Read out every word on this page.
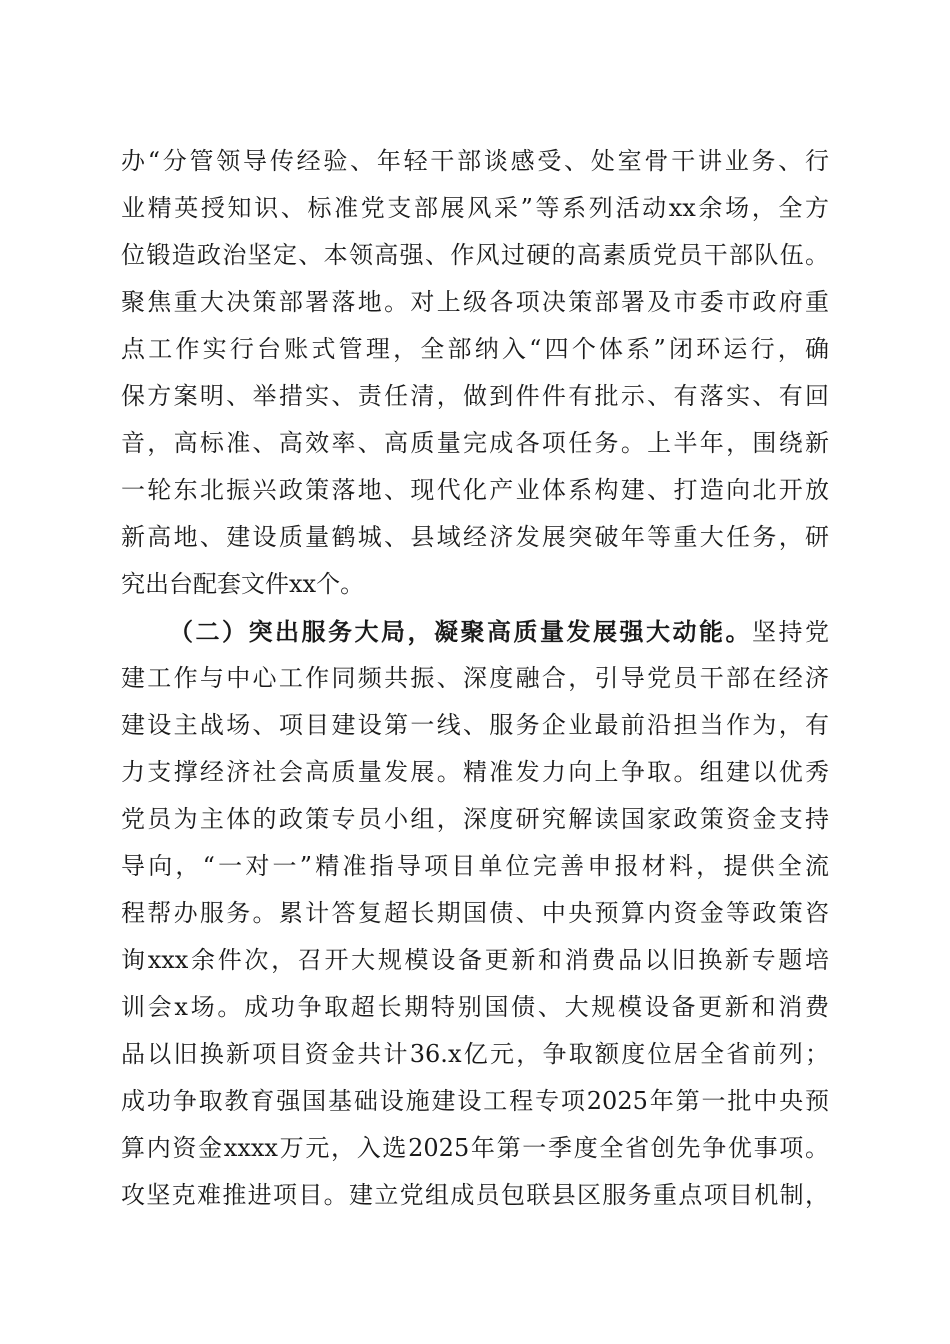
办“分管领导传经验、年轻干部谈感受、处室骨干讲业务、行
业精英授知识、标准党支部展风采”等系列活动xx余场，全方
位锻造政治坚定、本领高强、作风过硬的高素质党员干部队伍。
聚焦重大决策部署落地。对上级各项决策部署及市委市政府重
点工作实行台账式管理，全部纳入“四个体系”闭环运行，确
保方案明、举措实、责任清，做到件件有批示、有落实、有回
音，高标准、高效率、高质量完成各项任务。上半年，围绕新
一轮东北振兴政策落地、现代化产业体系构建、打造向北开放
新高地、建设质量鹤城、县域经济发展突破年等重大任务，研
究出台配套文件xx个。
（二）突出服务大局，凝聚高质量发展强大动能。坚持党
建工作与中心工作同频共振、深度融合，引导党员干部在经济
建设主战场、项目建设第一线、服务企业最前沿担当作为，有
力支撑经济社会高质量发展。精准发力向上争取。组建以优秀
党员为主体的政策专员小组，深度研究解读国家政策资金支持
导向，“一对一”精准指导项目单位完善申报材料，提供全流
程帮办服务。累计答复超长期国债、中央预算内资金等政策咨
询xxx余件次，召开大规模设备更新和消费品以旧换新专题培
训会x场。成功争取超长期特别国债、大规模设备更新和消费
品以旧换新项目资金共计36.x亿元，争取额度位居全省前列；
成功争取教育强国基础设施建设工程专项2025年第一批中央预
算内资金xxxx万元，入选2025年第一季度全省创先争优事项。
攻坚克难推进项目。建立党组成员包联县区服务重点项目机制，
